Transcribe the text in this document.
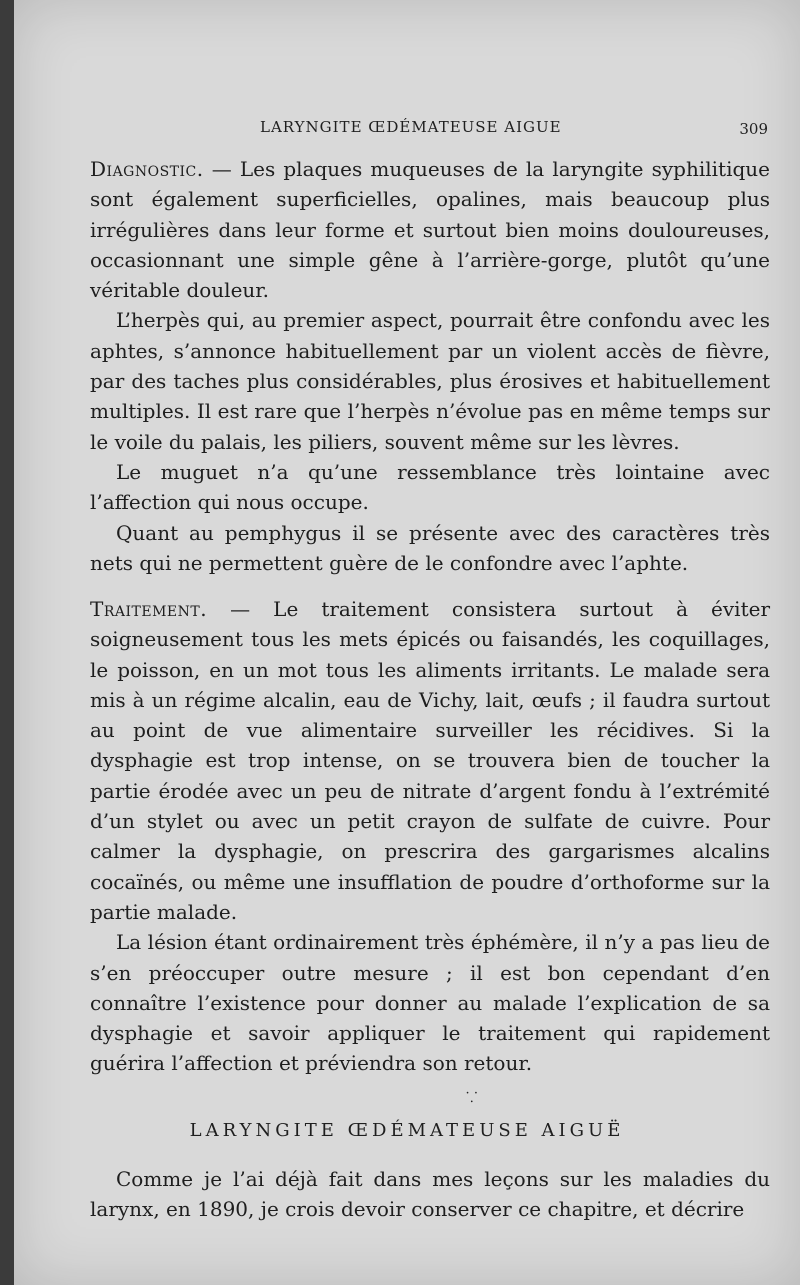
LARYNGITE ŒDÉMATEUSE AIGUE	309

Diagnostic. — Les plaques muqueuses de la laryngite syphilitique sont également superficielles, opalines, mais beaucoup plus irrégulières dans leur forme et surtout bien moins douloureuses, occasionnant une simple gêne à l’arrière-gorge, plutôt qu’une véritable douleur.

L’herpès qui, au premier aspect, pourrait être confondu avec les aphtes, s’annonce habituellement par un violent accès de fièvre, par des taches plus considérables, plus érosives et habituellement multiples. Il est rare que l’herpès n’évolue pas en même temps sur le voile du palais, les piliers, souvent même sur les lèvres.

Le muguet n’a qu’une ressemblance très lointaine avec l’affection qui nous occupe.

Quant au pemphygus il se présente avec des caractères très nets qui ne permettent guère de le confondre avec l’aphte.

Traitement. — Le traitement consistera surtout à éviter soigneusement tous les mets épicés ou faisandés, les coquillages, le poisson, en un mot tous les aliments irritants. Le malade sera mis à un régime alcalin, eau de Vichy, lait, œufs ; il faudra surtout au point de vue alimentaire surveiller les récidives. Si la dysphagie est trop intense, on se trouvera bien de toucher la partie érodée avec un peu de nitrate d’argent fondu à l’extrémité d’un stylet ou avec un petit crayon de sulfate de cuivre. Pour calmer la dysphagie, on prescrira des gargarismes alcalins cocaïnés, ou même une insufflation de poudre d’orthoforme sur la partie malade.

La lésion étant ordinairement très éphémère, il n’y a pas lieu de s’en préoccuper outre mesure ; il est bon cependant d’en connaître l’existence pour donner au malade l’explication de sa dysphagie et savoir appliquer le traitement qui rapidement guérira l’affection et préviendra son retour.

⸪
LARYNGITE ŒDÉMATEUSE AIGUË

Comme je l’ai déjà fait dans mes leçons sur les maladies du larynx, en 1890, je crois devoir conserver ce chapitre, et décrire
